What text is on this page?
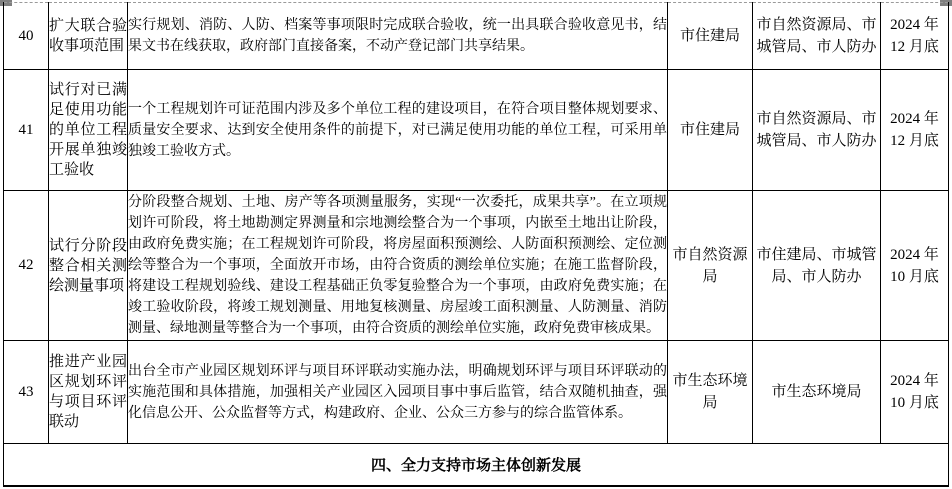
40	扩大联合验收事项范围	实行规划、消防、人防、档案等事项限时完成联合验收，统一出具联合验收意见书，结果文书在线获取，政府部门直接备案，不动产登记部门共享结果。	市住建局	市自然资源局、市城管局、市人防办	2024 年 12 月底
41	试行对已满足使用功能的单位工程开展单独竣工验收	一个工程规划许可证范围内涉及多个单位工程的建设项目，在符合项目整体规划要求、质量安全要求、达到安全使用条件的前提下，对已满足使用功能的单位工程，可采用单独竣工验收方式。	市住建局	市自然资源局、市城管局、市人防办	2024 年 12 月底
42	试行分阶段整合相关测绘测量事项	分阶段整合规划、土地、房产等各项测量服务，实现“一次委托，成果共享”。在立项规划许可阶段，将土地勘测定界测量和宗地测绘整合为一个事项，内嵌至土地出让阶段，由政府免费实施；在工程规划许可阶段，将房屋面积预测绘、人防面积预测绘、定位测绘等整合为一个事项，全面放开市场，由符合资质的测绘单位实施；在施工监督阶段，将建设工程规划验线、建设工程基础正负零复验整合为一个事项，由政府免费实施；在竣工验收阶段，将竣工规划测量、用地复核测量、房屋竣工面积测量、人防测量、消防测量、绿地测量等整合为一个事项，由符合资质的测绘单位实施，政府免费审核成果。	市自然资源局	市住建局、市城管局、市人防办	2024 年 10 月底
43	推进产业园区规划环评与项目环评联动	出台全市产业园区规划环评与项目环评联动实施办法，明确规划环评与项目环评联动的实施范围和具体措施，加强相关产业园区入园项目事中事后监管，结合双随机抽查，强化信息公开、公众监督等方式，构建政府、企业、公众三方参与的综合监管体系。	市生态环境局	市生态环境局	2024 年 10 月底
四、全力支持市场主体创新发展					
